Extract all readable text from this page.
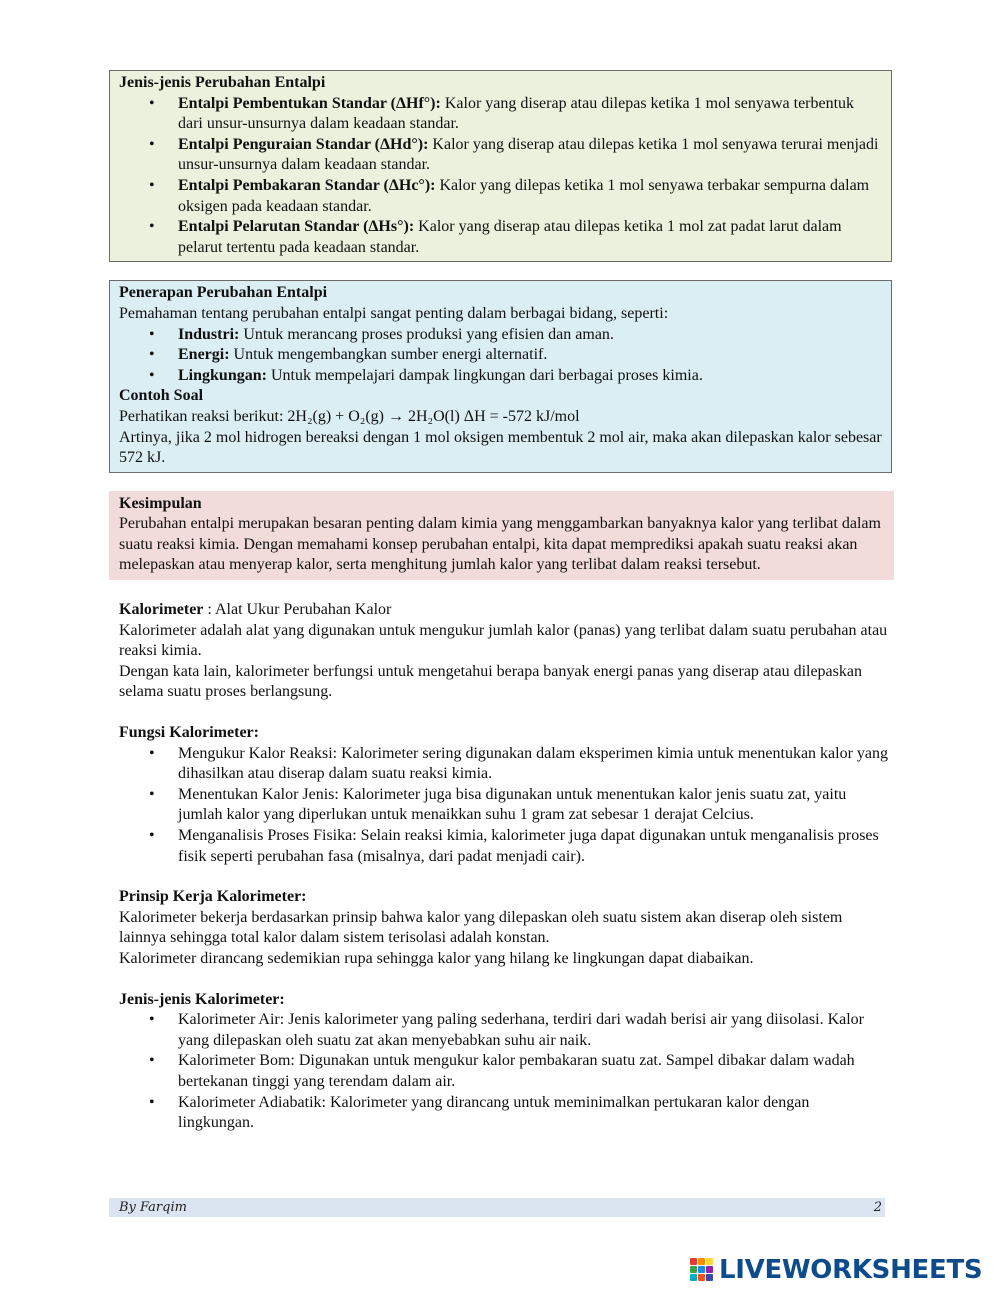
Jenis-jenis Perubahan Entalpi
• Entalpi Pembentukan Standar (ΔHf°): Kalor yang diserap atau dilepas ketika 1 mol senyawa terbentuk dari unsur-unsurnya dalam keadaan standar.
• Entalpi Penguraian Standar (ΔHd°): Kalor yang diserap atau dilepas ketika 1 mol senyawa terurai menjadi unsur-unsurnya dalam keadaan standar.
• Entalpi Pembakaran Standar (ΔHc°): Kalor yang dilepas ketika 1 mol senyawa terbakar sempurna dalam oksigen pada keadaan standar.
• Entalpi Pelarutan Standar (ΔHs°): Kalor yang diserap atau dilepas ketika 1 mol zat padat larut dalam pelarut tertentu pada keadaan standar.
Penerapan Perubahan Entalpi
Pemahaman tentang perubahan entalpi sangat penting dalam berbagai bidang, seperti:
• Industri: Untuk merancang proses produksi yang efisien dan aman.
• Energi: Untuk mengembangkan sumber energi alternatif.
• Lingkungan: Untuk mempelajari dampak lingkungan dari berbagai proses kimia.
Contoh Soal
Perhatikan reaksi berikut: 2H₂(g) + O₂(g) → 2H₂O(l) ΔH = -572 kJ/mol
Artinya, jika 2 mol hidrogen bereaksi dengan 1 mol oksigen membentuk 2 mol air, maka akan dilepaskan kalor sebesar 572 kJ.
Kesimpulan
Perubahan entalpi merupakan besaran penting dalam kimia yang menggambarkan banyaknya kalor yang terlibat dalam suatu reaksi kimia. Dengan memahami konsep perubahan entalpi, kita dapat memprediksi apakah suatu reaksi akan melepaskan atau menyerap kalor, serta menghitung jumlah kalor yang terlibat dalam reaksi tersebut.
Kalorimeter : Alat Ukur Perubahan Kalor
Kalorimeter adalah alat yang digunakan untuk mengukur jumlah kalor (panas) yang terlibat dalam suatu perubahan atau reaksi kimia.
Dengan kata lain, kalorimeter berfungsi untuk mengetahui berapa banyak energi panas yang diserap atau dilepaskan selama suatu proses berlangsung.
Fungsi Kalorimeter:
• Mengukur Kalor Reaksi: Kalorimeter sering digunakan dalam eksperimen kimia untuk menentukan kalor yang dihasilkan atau diserap dalam suatu reaksi kimia.
• Menentukan Kalor Jenis: Kalorimeter juga bisa digunakan untuk menentukan kalor jenis suatu zat, yaitu jumlah kalor yang diperlukan untuk menaikkan suhu 1 gram zat sebesar 1 derajat Celcius.
• Menganalisis Proses Fisika: Selain reaksi kimia, kalorimeter juga dapat digunakan untuk menganalisis proses fisik seperti perubahan fasa (misalnya, dari padat menjadi cair).
Prinsip Kerja Kalorimeter:
Kalorimeter bekerja berdasarkan prinsip bahwa kalor yang dilepaskan oleh suatu sistem akan diserap oleh sistem lainnya sehingga total kalor dalam sistem terisolasi adalah konstan.
Kalorimeter dirancang sedemikian rupa sehingga kalor yang hilang ke lingkungan dapat diabaikan.
Jenis-jenis Kalorimeter:
• Kalorimeter Air: Jenis kalorimeter yang paling sederhana, terdiri dari wadah berisi air yang diisolasi. Kalor yang dilepaskan oleh suatu zat akan menyebabkan suhu air naik.
• Kalorimeter Bom: Digunakan untuk mengukur kalor pembakaran suatu zat. Sampel dibakar dalam wadah bertekanan tinggi yang terendam dalam air.
• Kalorimeter Adiabatik: Kalorimeter yang dirancang untuk meminimalkan pertukaran kalor dengan lingkungan.
By Farqim	2
LIVEWORKSHEETS
